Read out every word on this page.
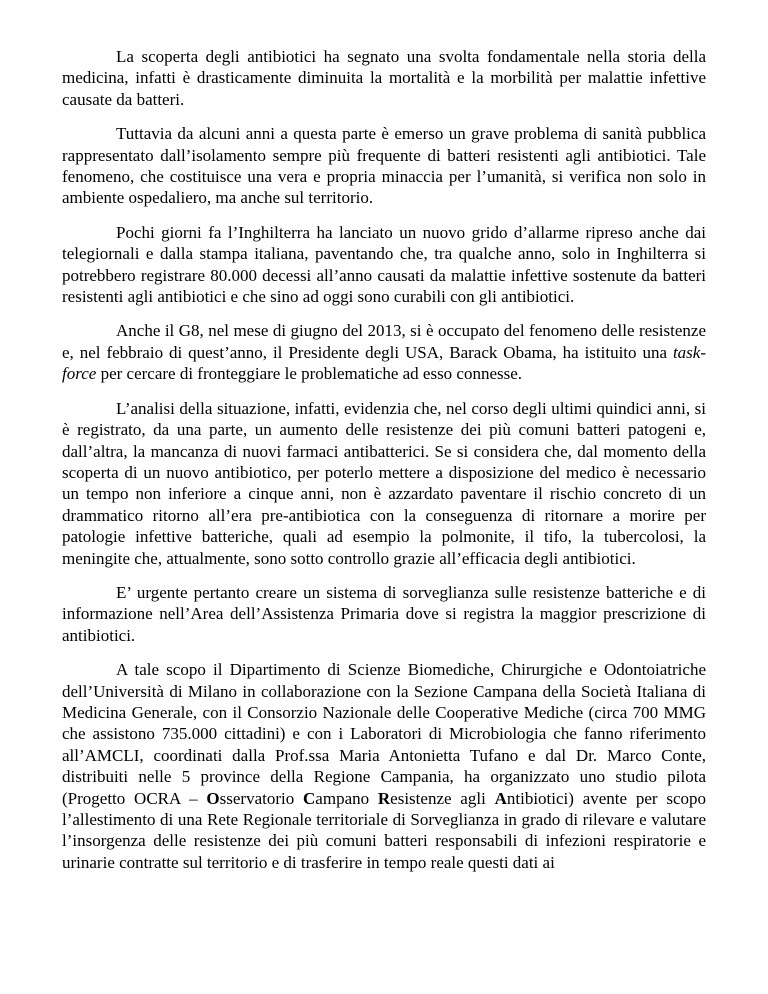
La scoperta degli antibiotici ha segnato una svolta fondamentale nella storia della medicina, infatti è drasticamente diminuita la mortalità e la morbilità per malattie infettive causate da batteri.

Tuttavia da alcuni anni a questa parte è emerso un grave problema di sanità pubblica rappresentato dall’isolamento sempre più frequente di batteri resistenti agli antibiotici. Tale fenomeno, che costituisce una vera e propria minaccia per l’umanità, si verifica non solo in ambiente ospedaliero, ma anche sul territorio.

Pochi giorni fa l’Inghilterra ha lanciato un nuovo grido d’allarme ripreso anche dai telegiornali e dalla stampa italiana, paventando che, tra qualche anno, solo in Inghilterra si potrebbero registrare 80.000 decessi all’anno causati da malattie infettive sostenute da batteri resistenti agli antibiotici e che sino ad oggi sono curabili con gli antibiotici.

Anche il G8, nel mese di giugno del 2013, si è occupato del fenomeno delle resistenze e, nel febbraio di quest’anno, il Presidente degli USA, Barack Obama, ha istituito una task-force per cercare di fronteggiare le problematiche ad esso connesse.

L’analisi della situazione, infatti, evidenzia che, nel corso degli ultimi quindici anni, si è registrato, da una parte, un aumento delle resistenze dei più comuni batteri patogeni e, dall’altra, la mancanza di nuovi farmaci antibatterici. Se si considera che, dal momento della scoperta di un nuovo antibiotico, per poterlo mettere a disposizione del medico è necessario un tempo non inferiore a cinque anni, non è azzardato paventare il rischio concreto di un drammatico ritorno all’era pre-antibiotica con la conseguenza di ritornare a morire per patologie infettive batteriche, quali ad esempio la polmonite, il tifo, la tubercolosi, la meningite che, attualmente, sono sotto controllo grazie all’efficacia degli antibiotici.

E’ urgente pertanto creare un sistema di sorveglianza sulle resistenze batteriche e di informazione nell’Area dell’Assistenza Primaria dove si registra la maggior prescrizione di antibiotici.

A tale scopo il Dipartimento di Scienze Biomediche, Chirurgiche e Odontoiatriche dell’Università di Milano in collaborazione con la Sezione Campana della Società Italiana di Medicina Generale, con il Consorzio Nazionale delle Cooperative Mediche (circa 700 MMG che assistono 735.000 cittadini) e con i Laboratori di Microbiologia che fanno riferimento all’AMCLI, coordinati dalla Prof.ssa Maria Antonietta Tufano e dal Dr. Marco Conte, distribuiti nelle 5 province della Regione Campania, ha organizzato uno studio pilota (Progetto OCRA – Osservatorio Campano Resistenze agli Antibiotici) avente per scopo l’allestimento di una Rete Regionale territoriale di Sorveglianza in grado di rilevare e valutare l’insorgenza delle resistenze dei più comuni batteri responsabili di infezioni respiratorie e urinarie contratte sul territorio e di trasferire in tempo reale questi dati ai
